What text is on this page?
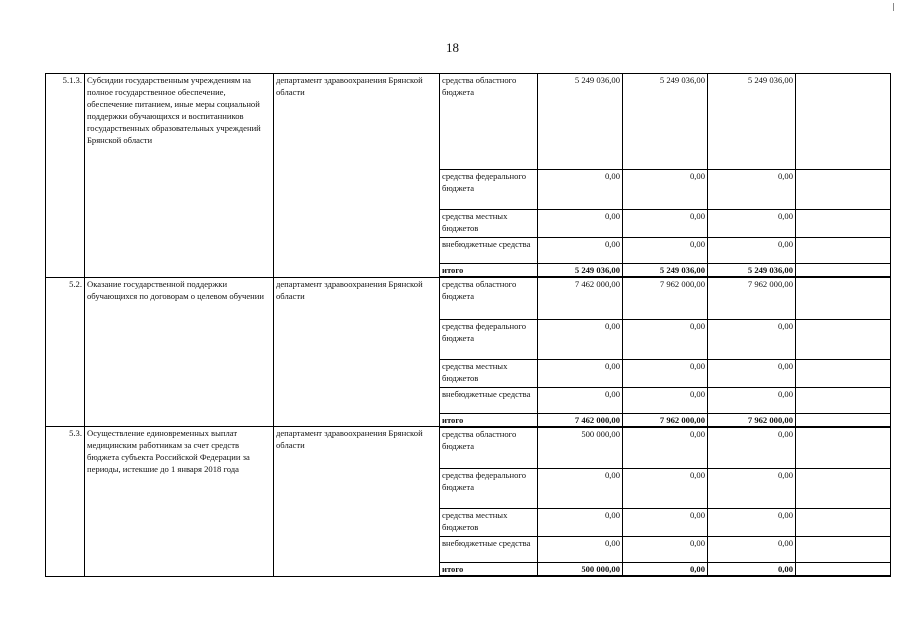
18
5.1.3.	Субсидии государственным учреждениям на полное государственное обеспечение, обеспечение питанием, иные меры социальной поддержки обучающихся и воспитанников государственных образовательных учреждений Брянской области	департамент здравоохранения Брянской области	средства областного бюджета	5 249 036,00	5 249 036,00	5 249 036,00	
			средства федерального бюджета	0,00	0,00	0,00	
			средства местных бюджетов	0,00	0,00	0,00	
			внебюджетные средства	0,00	0,00	0,00	
			итого	5 249 036,00	5 249 036,00	5 249 036,00	
5.2.	Оказание государственной поддержки обучающихся по договорам о целевом обучении	департамент здравоохранения Брянской области	средства областного бюджета	7 462 000,00	7 962 000,00	7 962 000,00	
			средства федерального бюджета	0,00	0,00	0,00	
			средства местных бюджетов	0,00	0,00	0,00	
			внебюджетные средства	0,00	0,00	0,00	
			итого	7 462 000,00	7 962 000,00	7 962 000,00	
5.3.	Осуществление единовременных выплат медицинским работникам за счет средств бюджета субъекта Российской Федерации за периоды, истекшие до 1 января 2018 года	департамент здравоохранения Брянской области	средства областного бюджета	500 000,00	0,00	0,00	
			средства федерального бюджета	0,00	0,00	0,00	
			средства местных бюджетов	0,00	0,00	0,00	
			внебюджетные средства	0,00	0,00	0,00	
			итого	500 000,00	0,00	0,00	
